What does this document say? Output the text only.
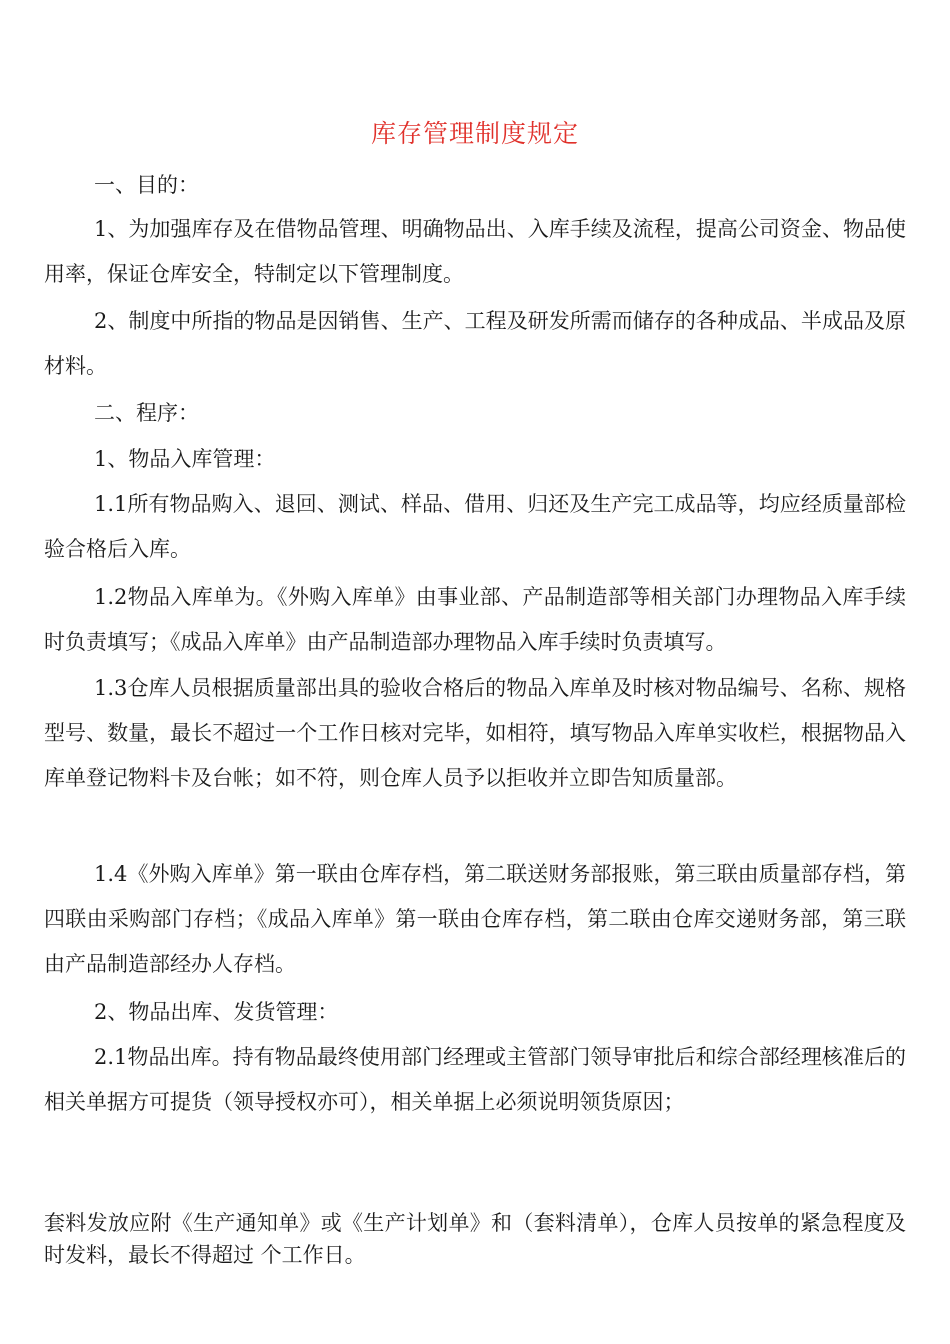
库存管理制度规定
一、目的：
1、为加强库存及在借物品管理、明确物品出、入库手续及流程，提高公司资金、物品使用率，保证仓库安全，特制定以下管理制度。
2、制度中所指的物品是因销售、生产、工程及研发所需而储存的各种成品、半成品及原材料。
二、程序：
1、物品入库管理：
1.1所有物品购入、退回、测试、样品、借用、归还及生产完工成品等，均应经质量部检验合格后入库。
1.2物品入库单为。《外购入库单》由事业部、产品制造部等相关部门办理物品入库手续时负责填写；《成品入库单》由产品制造部办理物品入库手续时负责填写。
1.3仓库人员根据质量部出具的验收合格后的物品入库单及时核对物品编号、名称、规格型号、数量，最长不超过一个工作日核对完毕，如相符，填写物品入库单实收栏，根据物品入库单登记物料卡及台帐；如不符，则仓库人员予以拒收并立即告知质量部。
1.4《外购入库单》第一联由仓库存档，第二联送财务部报账，第三联由质量部存档，第四联由采购部门存档；《成品入库单》第一联由仓库存档，第二联由仓库交递财务部，第三联由产品制造部经办人存档。
2、物品出库、发货管理：
2.1物品出库。持有物品最终使用部门经理或主管部门领导审批后和综合部经理核准后的相关单据方可提货（领导授权亦可），相关单据上必须说明领货原因；
套料发放应附《生产通知单》或《生产计划单》和（套料清单），仓库人员按单的紧急程度及时发料，最长不得超过 个工作日。
